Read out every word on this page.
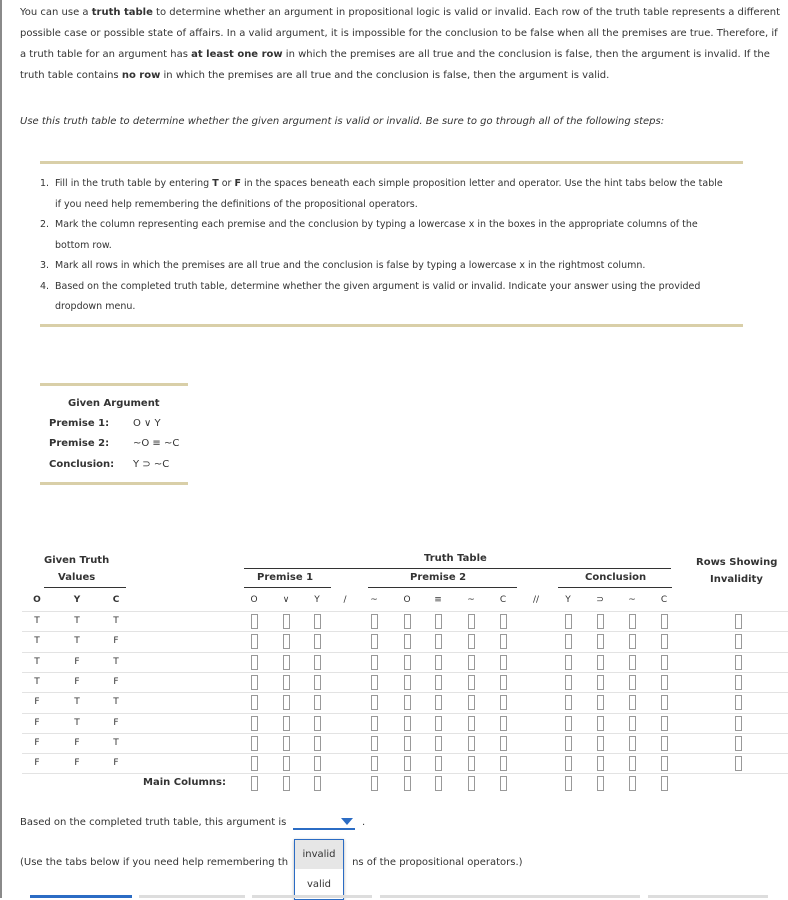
You can use a truth table to determine whether an argument in propositional logic is valid or invalid. Each row of the truth table represents a different possible case or possible state of affairs. In a valid argument, it is impossible for the conclusion to be false when all the premises are true. Therefore, if a truth table for an argument has at least one row in which the premises are all true and the conclusion is false, then the argument is invalid. If the truth table contains no row in which the premises are all true and the conclusion is false, then the argument is valid.
Use this truth table to determine whether the given argument is valid or invalid. Be sure to go through all of the following steps:
1. Fill in the truth table by entering T or F in the spaces beneath each simple proposition letter and operator. Use the hint tabs below the table if you need help remembering the definitions of the propositional operators.
2. Mark the column representing each premise and the conclusion by typing a lowercase x in the boxes in the appropriate columns of the bottom row.
3. Mark all rows in which the premises are all true and the conclusion is false by typing a lowercase x in the rightmost column.
4. Based on the completed truth table, determine whether the given argument is valid or invalid. Indicate your answer using the provided dropdown menu.
Given Argument
Premise 1: O ∨ Y
Premise 2: ~O ≡ ~C
Conclusion: Y ⊃ ~C
Given Truth
Values
Truth Table
Premise 1	Premise 2	Conclusion
Rows Showing
Invalidity
O	Y	C	O	∨	Y	/	~	O	≡	~	C	//	Y	⊃	~	C
T	T	T
T	T	F
T	F	T
T	F	F
F	T	T
F	T	F
F	F	T
F	F	F
Main Columns:
Based on the completed truth table, this argument is	.
(Use the tabs below if you need help remembering th	ns of the propositional operators.)
invalid
valid
